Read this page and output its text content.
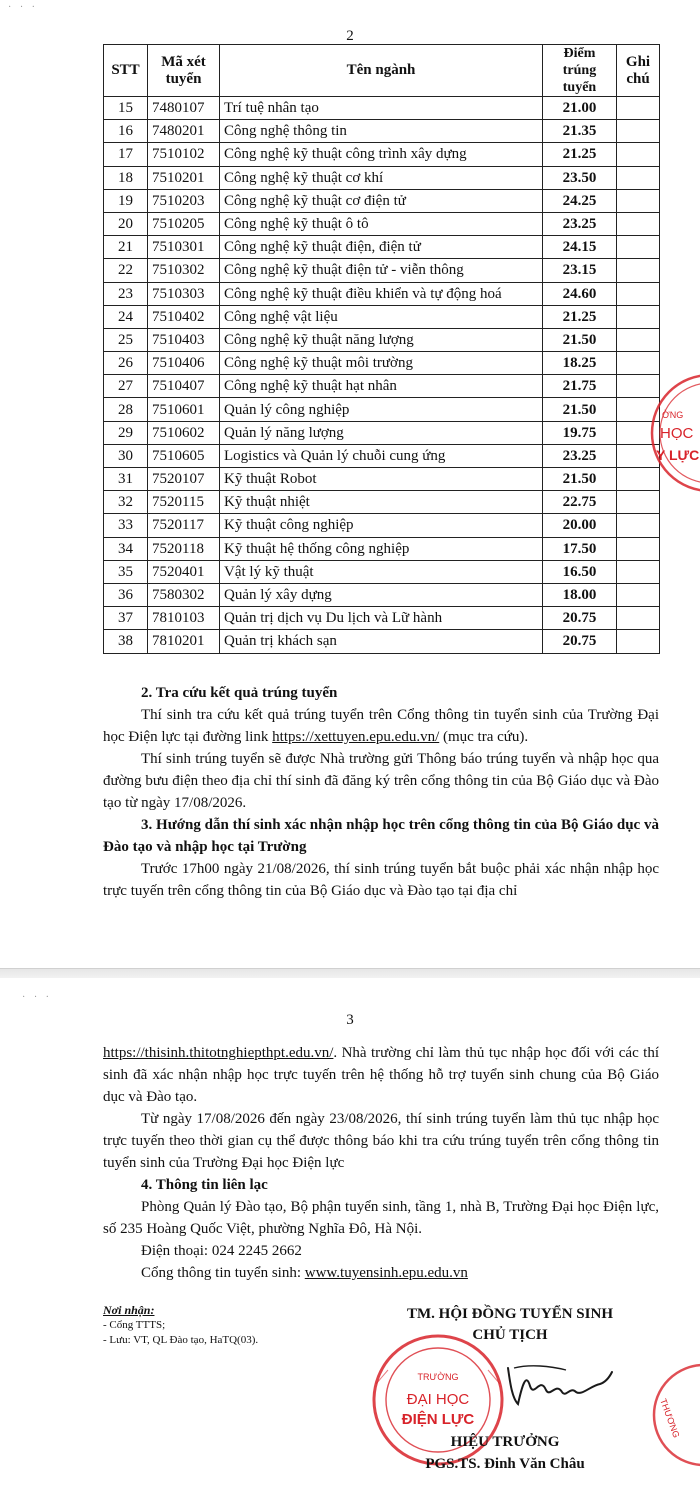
· · ·
2
STT	Mã xét tuyển	Tên ngành	Điểm trúng tuyển	Ghi chú
15	7480107	Trí tuệ nhân tạo	21.00	
16	7480201	Công nghệ thông tin	21.35	
17	7510102	Công nghệ kỹ thuật công trình xây dựng	21.25	
18	7510201	Công nghệ kỹ thuật cơ khí	23.50	
19	7510203	Công nghệ kỹ thuật cơ điện tử	24.25	
20	7510205	Công nghệ kỹ thuật ô tô	23.25	
21	7510301	Công nghệ kỹ thuật điện, điện tử	24.15	
22	7510302	Công nghệ kỹ thuật điện tử - viễn thông	23.15	
23	7510303	Công nghệ kỹ thuật điều khiển và tự động hoá	24.60	
24	7510402	Công nghệ vật liệu	21.25	
25	7510403	Công nghệ kỹ thuật năng lượng	21.50	
26	7510406	Công nghệ kỹ thuật môi trường	18.25	
27	7510407	Công nghệ kỹ thuật hạt nhân	21.75	
28	7510601	Quản lý công nghiệp	21.50	
29	7510602	Quản lý năng lượng	19.75	
30	7510605	Logistics và Quản lý chuỗi cung ứng	23.25	
31	7520107	Kỹ thuật Robot	21.50	
32	7520115	Kỹ thuật nhiệt	22.75	
33	7520117	Kỹ thuật công nghiệp	20.00	
34	7520118	Kỹ thuật hệ thống công nghiệp	17.50	
35	7520401	Vật lý kỹ thuật	16.50	
36	7580302	Quản lý xây dựng	18.00	
37	7810103	Quản trị dịch vụ Du lịch và Lữ hành	20.75	
38	7810201	Quản trị khách sạn	20.75	
ỜNG
HỌC
Y LỰC

2. Tra cứu kết quả trúng tuyển

Thí sinh tra cứu kết quả trúng tuyển trên Cổng thông tin tuyển sinh của Trường Đại học Điện lực tại đường link https://xettuyen.epu.edu.vn/ (mục tra cứu).

Thí sinh trúng tuyển sẽ được Nhà trường gửi Thông báo trúng tuyển và nhập học qua đường bưu điện theo địa chỉ thí sinh đã đăng ký trên cổng thông tin của Bộ Giáo dục và Đào tạo từ ngày 17/08/2026.

3. Hướng dẫn thí sinh xác nhận nhập học trên cổng thông tin của Bộ Giáo dục và Đào tạo và nhập học tại Trường

Trước 17h00 ngày 21/08/2026, thí sinh trúng tuyển bắt buộc phải xác nhận nhập học trực tuyến trên cổng thông tin của Bộ Giáo dục và Đào tạo tại địa chỉ

· · ·
3

https://thisinh.thitotnghiepthpt.edu.vn/. Nhà trường chỉ làm thủ tục nhập học đối với các thí sinh đã xác nhận nhập học trực tuyến trên hệ thống hỗ trợ tuyển sinh chung của Bộ Giáo dục và Đào tạo.

Từ ngày 17/08/2026 đến ngày 23/08/2026, thí sinh trúng tuyển làm thủ tục nhập học trực tuyến theo thời gian cụ thể được thông báo khi tra cứu trúng tuyển trên cổng thông tin tuyển sinh của Trường Đại học Điện lực

4. Thông tin liên lạc

Phòng Quản lý Đào tạo, Bộ phận tuyển sinh, tầng 1, nhà B, Trường Đại học Điện lực, số 235 Hoàng Quốc Việt, phường Nghĩa Đô, Hà Nội.

Điện thoại: 024 2245 2662

Cổng thông tin tuyển sinh: www.tuyensinh.epu.edu.vn

Nơi nhận:
- Cổng TTTS;
- Lưu: VT, QL Đào tạo, HaTQ(03).
TM. HỘI ĐỒNG TUYỂN SINH
CHỦ TỊCH
TRƯỜNG
ĐẠI HỌC
ĐIỆN LỰC	THƯƠNG
HIỆU TRƯỞNG
PGS.TS. Đinh Văn Châu
